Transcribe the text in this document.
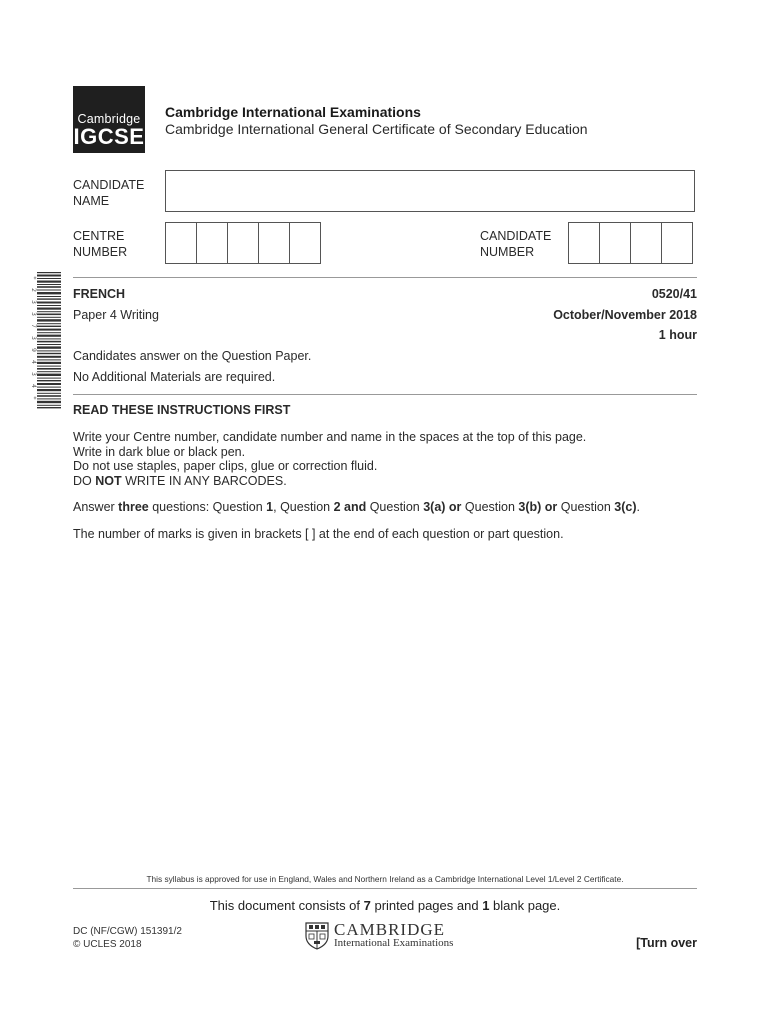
Cambridge
IGCSE
Cambridge International Examinations
Cambridge International General Certificate of Secondary Education
CANDIDATE
NAME
CENTRE
NUMBER
CANDIDATE
NUMBER
*
2
3
3
7
3
9
4
3
4
*
FRENCH	0520/41
Paper 4 Writing	October/November 2018
1 hour
Candidates answer on the Question Paper.
No Additional Materials are required.
READ THESE INSTRUCTIONS FIRST
Write your Centre number, candidate number and name in the spaces at the top of this page.
Write in dark blue or black pen.
Do not use staples, paper clips, glue or correction fluid.
DO NOT WRITE IN ANY BARCODES.
Answer three questions: Question 1, Question 2 and Question 3(a) or Question 3(b) or Question 3(c).
The number of marks is given in brackets [ ] at the end of each question or part question.
This syllabus is approved for use in England, Wales and Northern Ireland as a Cambridge International Level 1/Level 2 Certificate.
This document consists of 7 printed pages and 1 blank page.
DC (NF/CGW) 151391/2
© UCLES 2018
CAMBRIDGE
International Examinations	[Turn over
